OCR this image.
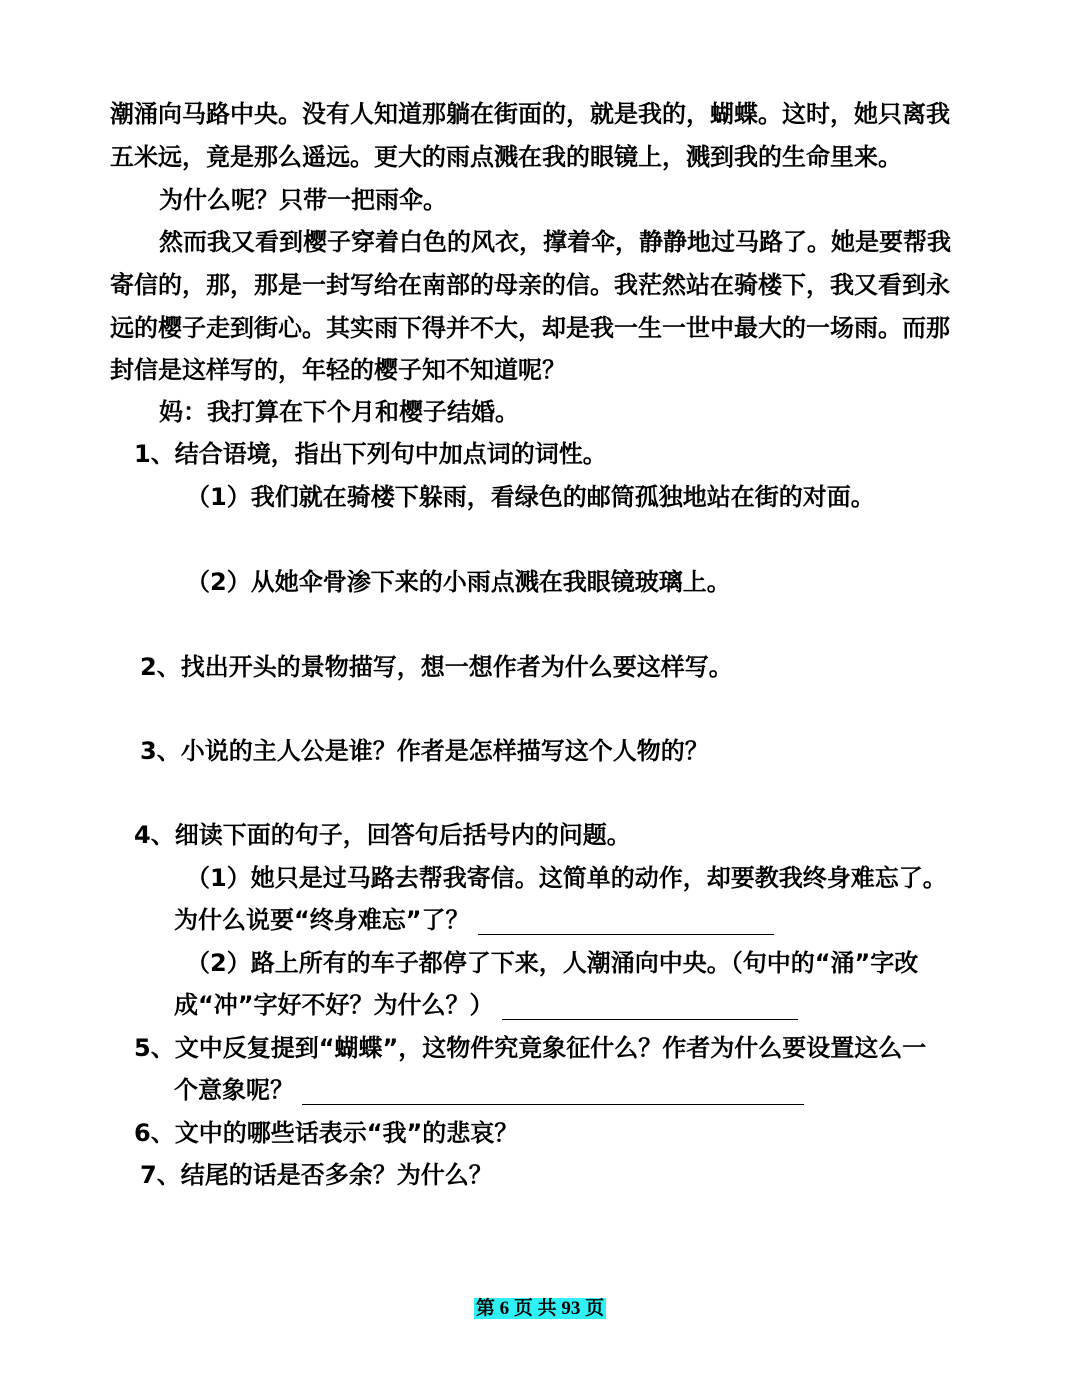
潮涌向马路中央。没有人知道那躺在街面的，就是我的，蝴蝶。这时，她只离我

五米远，竟是那么遥远。更大的雨点溅在我的眼镜上，溅到我的生命里来。

为什么呢？只带一把雨伞。

然而我又看到樱子穿着白色的风衣，撑着伞，静静地过马路了。她是要帮我

寄信的，那，那是一封写给在南部的母亲的信。我茫然站在骑楼下，我又看到永

远的樱子走到街心。其实雨下得并不大，却是我一生一世中最大的一场雨。而那

封信是这样写的，年轻的樱子知不知道呢？

妈：我打算在下个月和樱子结婚。

1、结合语境，指出下列句中加点词的词性。

（1）我们就在骑楼下躲雨，看绿色的邮筒孤独地站在街的对面。

（2）从她伞骨渗下来的小雨点溅在我眼镜玻璃上。

2、找出开头的景物描写，想一想作者为什么要这样写。

3、小说的主人公是谁？作者是怎样描写这个人物的？

4、细读下面的句子，回答句后括号内的问题。

（1）她只是过马路去帮我寄信。这简单的动作，却要教我终身难忘了。

为什么说要“终身难忘”了？

（2）路上所有的车子都停了下来，人潮涌向中央。（句中的“涌”字改

成“冲”字好不好？为什么？）

5、文中反复提到“蝴蝶”，这物件究竟象征什么？作者为什么要设置这么一

个意象呢？

6、文中的哪些话表示“我”的悲哀？

7、结尾的话是否多余？为什么？

第 6 页 共 93 页
